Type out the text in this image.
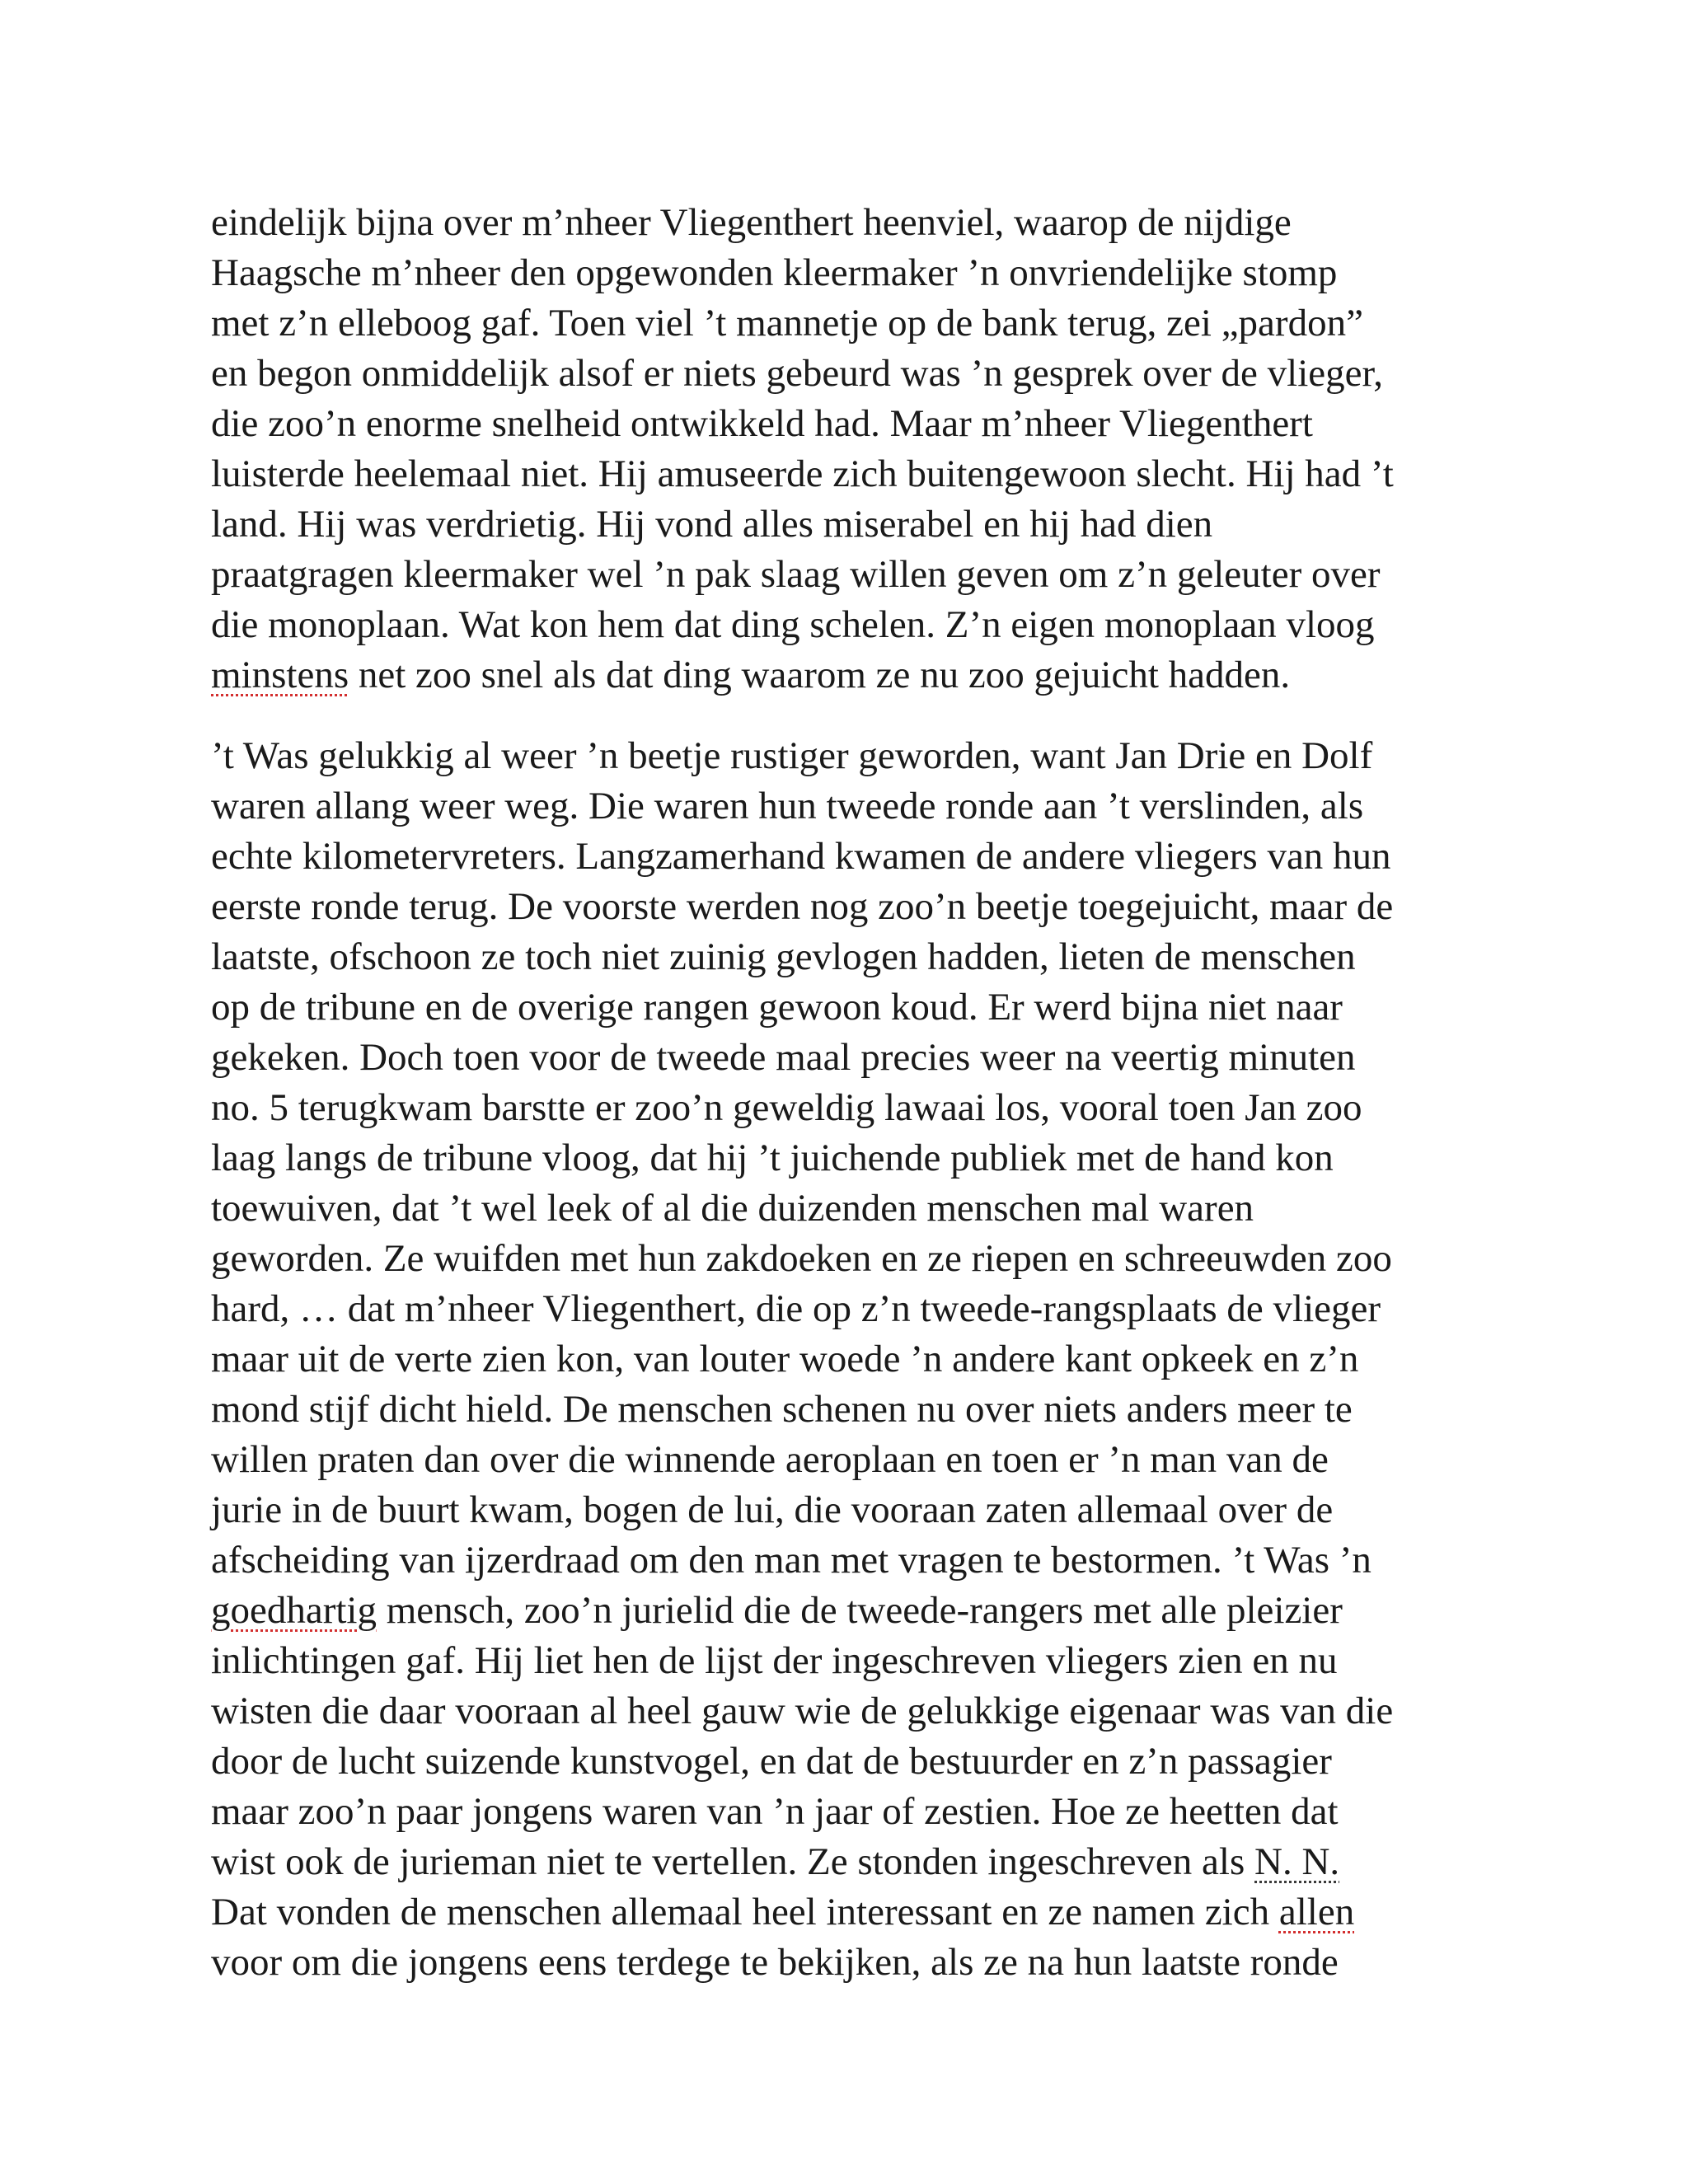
eindelijk bijna over m’nheer Vliegenthert heenviel, waarop de nijdige
Haagsche m’nheer den opgewonden kleermaker ’n onvriendelijke stomp
met z’n elleboog gaf. Toen viel ’t mannetje op de bank terug, zei „pardon”
en begon onmiddelijk alsof er niets gebeurd was ’n gesprek over de vlieger,
die zoo’n enorme snelheid ontwikkeld had. Maar m’nheer Vliegenthert
luisterde heelemaal niet. Hij amuseerde zich buitengewoon slecht. Hij had ’t
land. Hij was verdrietig. Hij vond alles miserabel en hij had dien
praatgragen kleermaker wel ’n pak slaag willen geven om z’n geleuter over
die monoplaan. Wat kon hem dat ding schelen. Z’n eigen monoplaan vloog
minstens net zoo snel als dat ding waarom ze nu zoo gejuicht hadden.
’t Was gelukkig al weer ’n beetje rustiger geworden, want Jan Drie en Dolf
waren allang weer weg. Die waren hun tweede ronde aan ’t verslinden, als
echte kilometervreters. Langzamerhand kwamen de andere vliegers van hun
eerste ronde terug. De voorste werden nog zoo’n beetje toegejuicht, maar de
laatste, ofschoon ze toch niet zuinig gevlogen hadden, lieten de menschen
op de tribune en de overige rangen gewoon koud. Er werd bijna niet naar
gekeken. Doch toen voor de tweede maal precies weer na veertig minuten
no. 5 terugkwam barstte er zoo’n geweldig lawaai los, vooral toen Jan zoo
laag langs de tribune vloog, dat hij ’t juichende publiek met de hand kon
toewuiven, dat ’t wel leek of al die duizenden menschen mal waren
geworden. Ze wuifden met hun zakdoeken en ze riepen en schreeuwden zoo
hard, … dat m’nheer Vliegenthert, die op z’n tweede-rangsplaats de vlieger
maar uit de verte zien kon, van louter woede ’n andere kant opkeek en z’n
mond stijf dicht hield. De menschen schenen nu over niets anders meer te
willen praten dan over die winnende aeroplaan en toen er ’n man van de
jurie in de buurt kwam, bogen de lui, die vooraan zaten allemaal over de
afscheiding van ijzerdraad om den man met vragen te bestormen. ’t Was ’n
goedhartig mensch, zoo’n jurielid die de tweede-rangers met alle pleizier
inlichtingen gaf. Hij liet hen de lijst der ingeschreven vliegers zien en nu
wisten die daar vooraan al heel gauw wie de gelukkige eigenaar was van die
door de lucht suizende kunstvogel, en dat de bestuurder en z’n passagier
maar zoo’n paar jongens waren van ’n jaar of zestien. Hoe ze heetten dat
wist ook de jurieman niet te vertellen. Ze stonden ingeschreven als N. N.
Dat vonden de menschen allemaal heel interessant en ze namen zich allen
voor om die jongens eens terdege te bekijken, als ze na hun laatste ronde
